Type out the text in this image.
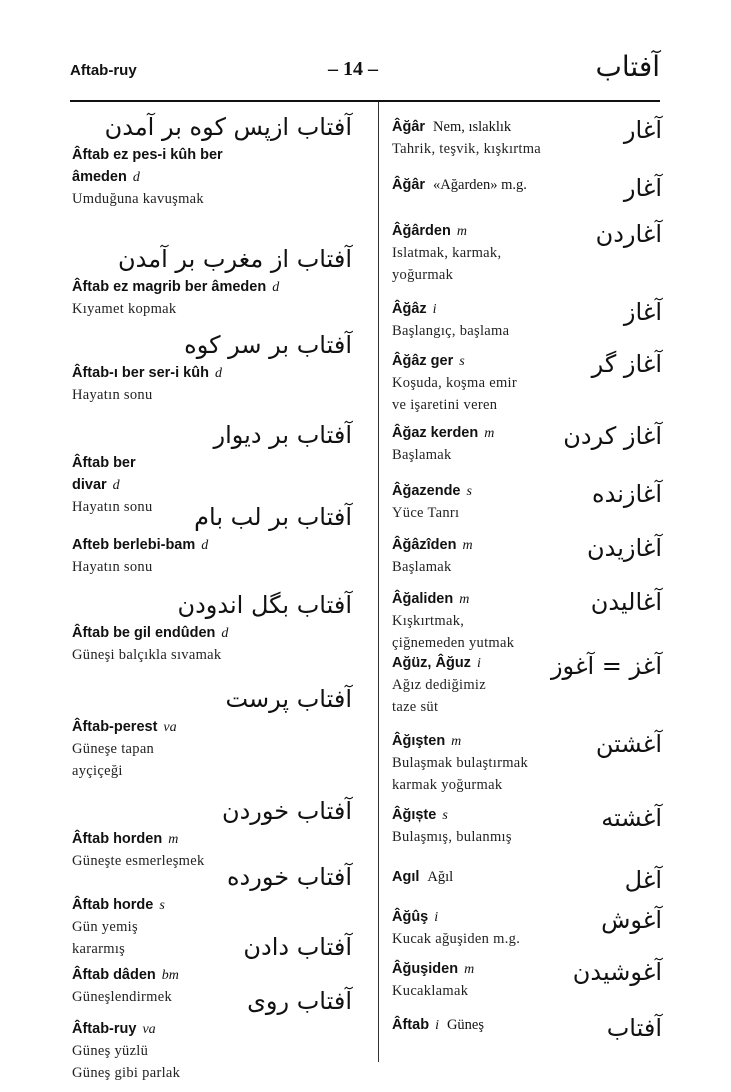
Aftab-ruy	– 14 –	آفتاب
آفتاب ازپس كوه بر آمدن
Âftab ez pes-i kûh ber
âmeden d
Umduğuna kavuşmak
آفتاب از مغرب بر آمدن
Âftab ez magrib ber âmeden d
Kıyamet kopmak
آفتاب بر سر كوه
Âftab-ı ber ser-i kûh d
Hayatın sonu
آفتاب بر ديوار
Âftab ber
divar d
Hayatın sonu	آفتاب بر لب بام
Afteb berlebi-bam d
Hayatın sonu
آفتاب بگل اندودن
Âftab be gil endûden d
Güneşi balçıkla sıvamak
آفتاب پرست
Âftab-perest va
Güneşe tapan
ayçiçeği
آفتاب خوردن
Âftab horden m
Güneşte esmerleşmek
آفتاب خورده
Âftab horde s
Gün yemiş
kararmış	آفتاب دادن
Âftab dâden bm
Güneşlendirmek	آفتاب روى
Âftab-ruy va
Güneş yüzlü
Güneş gibi parlak
آغار
Âğâr Nem, ıslaklık
Tahrik, teşvik, kışkırtma
آغار
Âğâr «Ağarden» m.g.
آغاردن
Âğârden m
Islatmak, karmak,
yoğurmak
آغاز
Âğâz i
Başlangıç, başlama
آغاز گر
Âğâz ger s
Koşuda, koşma emir
ve işaretini veren
آغاز كردن
Âğaz kerden m
Başlamak
آغازنده
Âğazende s
Yüce Tanrı
آغازيدن
Âğâzîden m
Başlamak
آغاليدن
Âğaliden m
Kışkırtmak,
çiğnemeden yutmak
آغز = آغوز
Ağüz, Âğuz i
Ağız dediğimiz
taze süt
آغشتن
Âğıştеn m
Bulaşmak bulaştırmak
karmak yoğurmak
آغشته
Âğıște s
Bulaşmış, bulanmış
آغل
Agıl Ağıl
آغوش
Âğûş i
Kucak ağuşiden m.g.
آغوشيدن
Âğuşiden m
Kucaklamak
آفتاب
Âftab i Güneş
